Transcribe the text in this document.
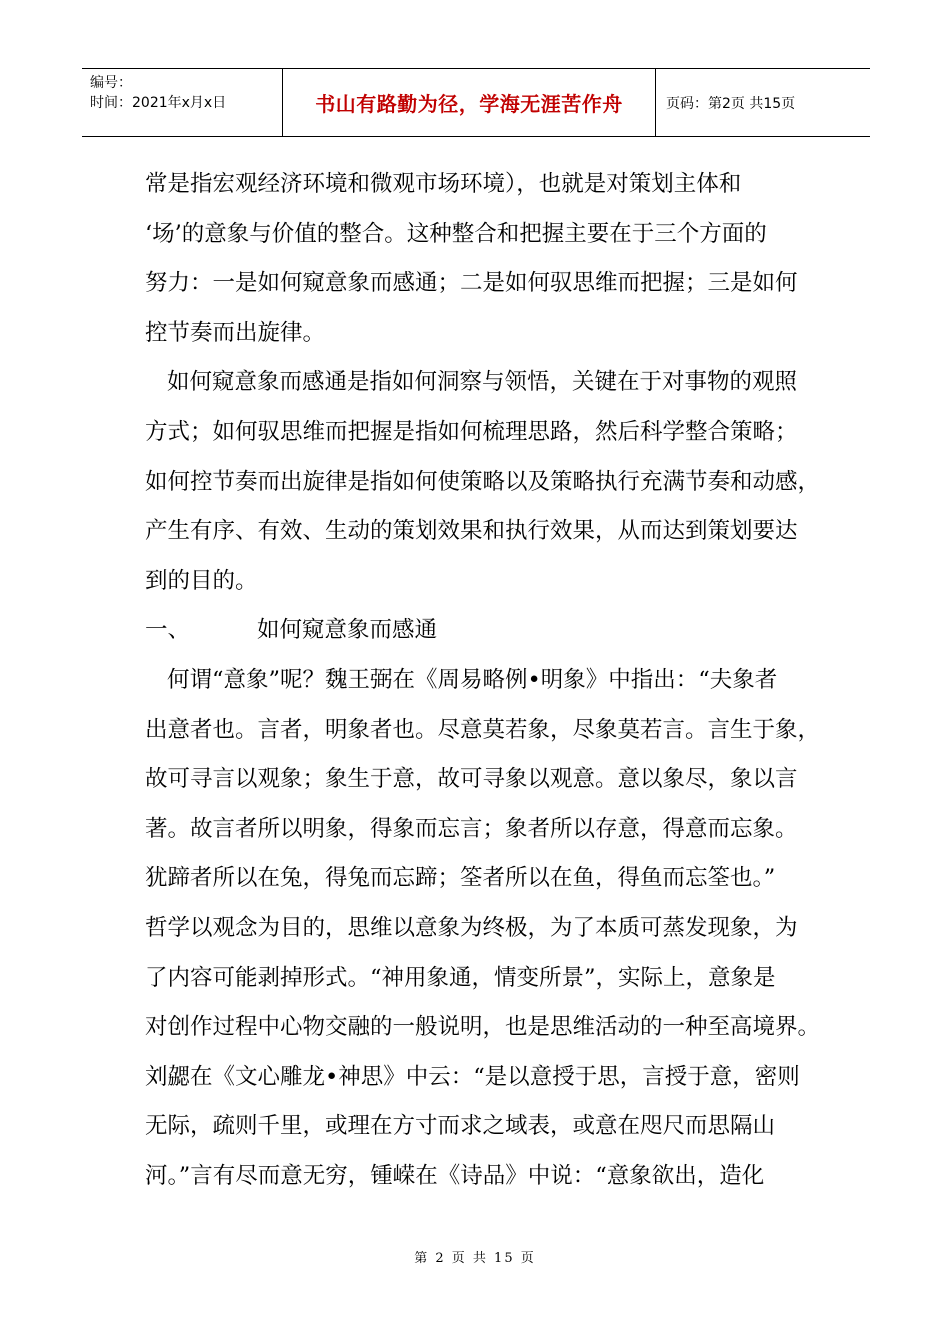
编号：
时间：2021年x月x日	书山有路勤为径，学海无涯苦作舟	页码：第2页 共15页
常是指宏观经济环境和微观市场环境），也就是对策划主体和
‘场’的意象与价值的整合。这种整合和把握主要在于三个方面的
努力：一是如何窥意象而感通；二是如何驭思维而把握；三是如何
控节奏而出旋律。
如何窥意象而感通是指如何洞察与领悟，关键在于对事物的观照
方式；如何驭思维而把握是指如何梳理思路，然后科学整合策略；
如何控节奏而出旋律是指如何使策略以及策略执行充满节奏和动感，
产生有序、有效、生动的策划效果和执行效果，从而达到策划要达
到的目的。
一、	如何窥意象而感通
何谓“意象”呢？魏王弼在《周易略例•明象》中指出：“夫象者
出意者也。言者，明象者也。尽意莫若象，尽象莫若言。言生于象，
故可寻言以观象；象生于意，故可寻象以观意。意以象尽，象以言
著。故言者所以明象，得象而忘言；象者所以存意，得意而忘象。
犹蹄者所以在兔，得兔而忘蹄；筌者所以在鱼，得鱼而忘筌也。”
哲学以观念为目的，思维以意象为终极，为了本质可蒸发现象，为
了内容可能剥掉形式。“神用象通，情变所景”，实际上，意象是
对创作过程中心物交融的一般说明，也是思维活动的一种至高境界。
刘勰在《文心雕龙•神思》中云：“是以意授于思，言授于意，密则
无际，疏则千里，或理在方寸而求之域表，或意在咫尺而思隔山
河。”言有尽而意无穷，锺嵘在《诗品》中说：“意象欲出，造化
第 2 页 共 15 页
